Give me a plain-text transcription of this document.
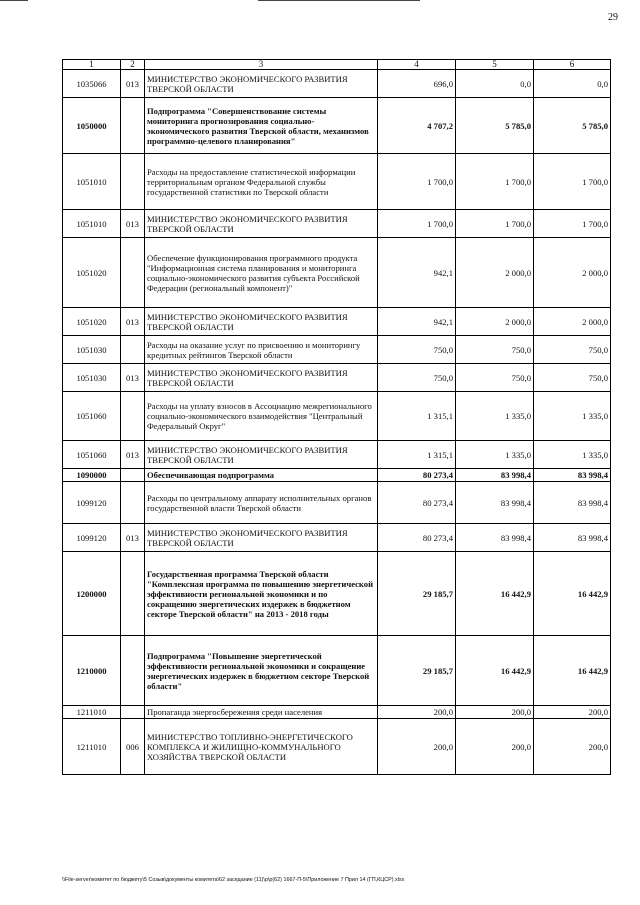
29
1	2	3	4	5	6
1035066	013	МИНИСТЕРСТВО ЭКОНОМИЧЕСКОГО РАЗВИТИЯ ТВЕРСКОЙ ОБЛАСТИ	696,0	0,0	0,0
1050000		Подпрограмма "Совершенствование системы мониторинга прогнозирования социально-экономического развития Тверской области, механизмов программно-целевого планирования"	4 707,2	5 785,0	5 785,0
1051010		Расходы на предоставление статистической информации территориальным органом Федеральной службы государственной статистики по Тверской области	1 700,0	1 700,0	1 700,0
1051010	013	МИНИСТЕРСТВО ЭКОНОМИЧЕСКОГО РАЗВИТИЯ ТВЕРСКОЙ ОБЛАСТИ	1 700,0	1 700,0	1 700,0
1051020		Обеспечение функционирования программного продукта "Информационная система планирования и мониторинга социально-экономического развития субъекта Российской Федерации (региональный компонент)"	942,1	2 000,0	2 000,0
1051020	013	МИНИСТЕРСТВО ЭКОНОМИЧЕСКОГО РАЗВИТИЯ ТВЕРСКОЙ ОБЛАСТИ	942,1	2 000,0	2 000,0
1051030		Расходы на оказание услуг по присвоению и мониторингу кредитных рейтингов Тверской области	750,0	750,0	750,0
1051030	013	МИНИСТЕРСТВО ЭКОНОМИЧЕСКОГО РАЗВИТИЯ ТВЕРСКОЙ ОБЛАСТИ	750,0	750,0	750,0
1051060		Расходы на уплату взносов в Ассоциацию межрегионального социально-экономического взаимодействия "Центральный Федеральный Округ"	1 315,1	1 335,0	1 335,0
1051060	013	МИНИСТЕРСТВО ЭКОНОМИЧЕСКОГО РАЗВИТИЯ ТВЕРСКОЙ ОБЛАСТИ	1 315,1	1 335,0	1 335,0
1090000		Обеспечивающая подпрограмма	80 273,4	83 998,4	83 998,4
1099120		Расходы по центральному аппарату исполнительных органов государственной власти Тверской области	80 273,4	83 998,4	83 998,4
1099120	013	МИНИСТЕРСТВО ЭКОНОМИЧЕСКОГО РАЗВИТИЯ ТВЕРСКОЙ ОБЛАСТИ	80 273,4	83 998,4	83 998,4
1200000		Государственная программа Тверской области "Комплексная программа по повышению энергетической эффективности региональной экономики и по сокращению энергетических издержек в бюджетном секторе Тверской области" на 2013 - 2018 годы	29 185,7	16 442,9	16 442,9
1210000		Подпрограмма "Повышение энергетической эффективности региональной экономики и сокращение энергетических издержек в бюджетном секторе Тверской области"	29 185,7	16 442,9	16 442,9
1211010		Пропаганда энергосбережения среди населения	200,0	200,0	200,0
1211010	006	МИНИСТЕРСТВО ТОПЛИВНО-ЭНЕРГЕТИЧЕСКОГО КОМПЛЕКСА И ЖИЛИЩНО-КОММУНАЛЬНОГО ХОЗЯЙСТВА ТВЕРСКОЙ ОБЛАСТИ	200,0	200,0	200,0
\\File-server\комитет по бюджету\5 Созыв\документы комитета\62 заседание (11)\р\р(62) 1667-П-5\Приложение 7 Прил 14 (ГП,КЦСР).xlsx
